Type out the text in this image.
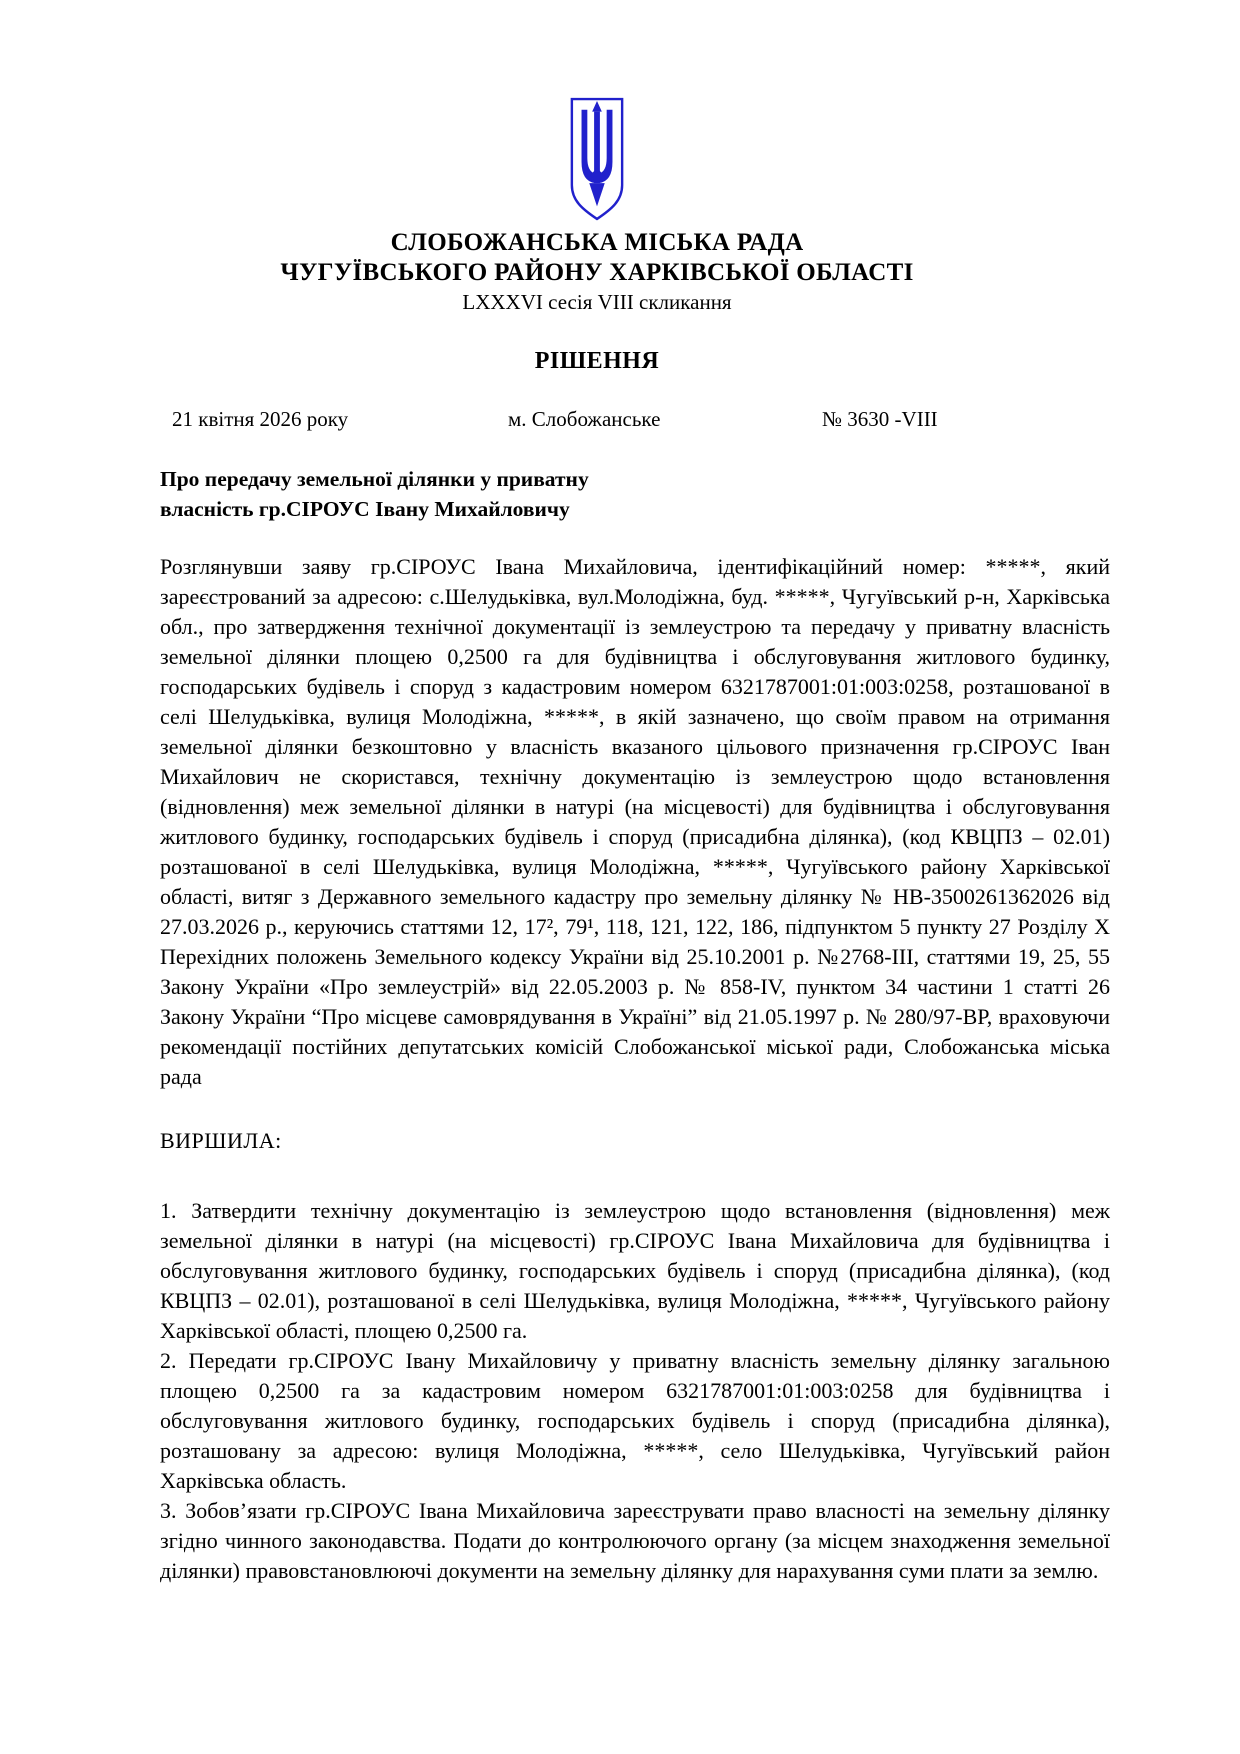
СЛОБОЖАНСЬКА МІСЬКА РАДА
ЧУГУЇВСЬКОГО РАЙОНУ ХАРКІВСЬКОЇ ОБЛАСТІ
LXXXVI сесія VIII скликання
РІШЕННЯ
21 квітня 2026 року	м. Слобожанське	№ 3630 -VIII
Про передачу земельної ділянки у приватну
власність гр.СІРОУС Івану Михайловичу

Розглянувши заяву гр.СІРОУС Івана Михайловича, ідентифікаційний номер: *****, який зареєстрований за адресою: с.Шелудьківка, вул.Молодіжна, буд. *****, Чугуївський р-н, Харківська обл., про затвердження технічної документації із землеустрою та передачу у приватну власність земельної ділянки площею 0,2500 га для будівництва і обслуговування житлового будинку, господарських будівель і споруд з кадастровим номером 6321787001:01:003:0258, розташованої в селі Шелудьківка, вулиця Молодіжна, *****, в якій зазначено, що своїм правом на отримання земельної ділянки безкоштовно у власність вказаного цільового призначення гр.СІРОУС Іван Михайлович не скористався, технічну документацію із землеустрою щодо встановлення (відновлення) меж земельної ділянки в натурі (на місцевості) для будівництва і обслуговування житлового будинку, господарських будівель і споруд (присадибна ділянка), (код КВЦПЗ – 02.01) розташованої в селі Шелудьківка, вулиця Молодіжна, *****, Чугуївського району Харківської області, витяг з Державного земельного кадастру про земельну ділянку № НВ-3500261362026 від 27.03.2026 р., керуючись статтями 12, 17², 79¹, 118, 121, 122, 186, підпунктом 5 пункту 27 Розділу X Перехідних положень Земельного кодексу України від 25.10.2001 р. №2768-ІІІ, статтями 19, 25, 55 Закону України «Про землеустрій» від 22.05.2003 р. № 858-IV, пунктом 34 частини 1 статті 26 Закону України “Про місцеве самоврядування в Україні” від 21.05.1997 р. № 280/97-ВР, враховуючи рекомендації постійних депутатських комісій Слобожанської міської ради, Слобожанська міська рада

ВИРШИЛА:

1. Затвердити технічну документацію із землеустрою щодо встановлення (відновлення) меж земельної ділянки в натурі (на місцевості) гр.СІРОУС Івана Михайловича для будівництва і обслуговування житлового будинку, господарських будівель і споруд (присадибна ділянка), (код КВЦПЗ – 02.01), розташованої в селі Шелудьківка, вулиця Молодіжна, *****, Чугуївського району Харківської області, площею 0,2500 га.

2. Передати гр.СІРОУС Івану Михайловичу у приватну власність земельну ділянку загальною площею 0,2500 га за кадастровим номером 6321787001:01:003:0258 для будівництва і обслуговування житлового будинку, господарських будівель і споруд (присадибна ділянка), розташовану за адресою: вулиця Молодіжна, *****, село Шелудьківка, Чугуївський район Харківська область.

3. Зобов’язати гр.СІРОУС Івана Михайловича зареєструвати право власності на земельну ділянку згідно чинного законодавства. Подати до контролюючого органу (за місцем знаходження земельної ділянки) правовстановлюючі документи на земельну ділянку для нарахування суми плати за землю.
